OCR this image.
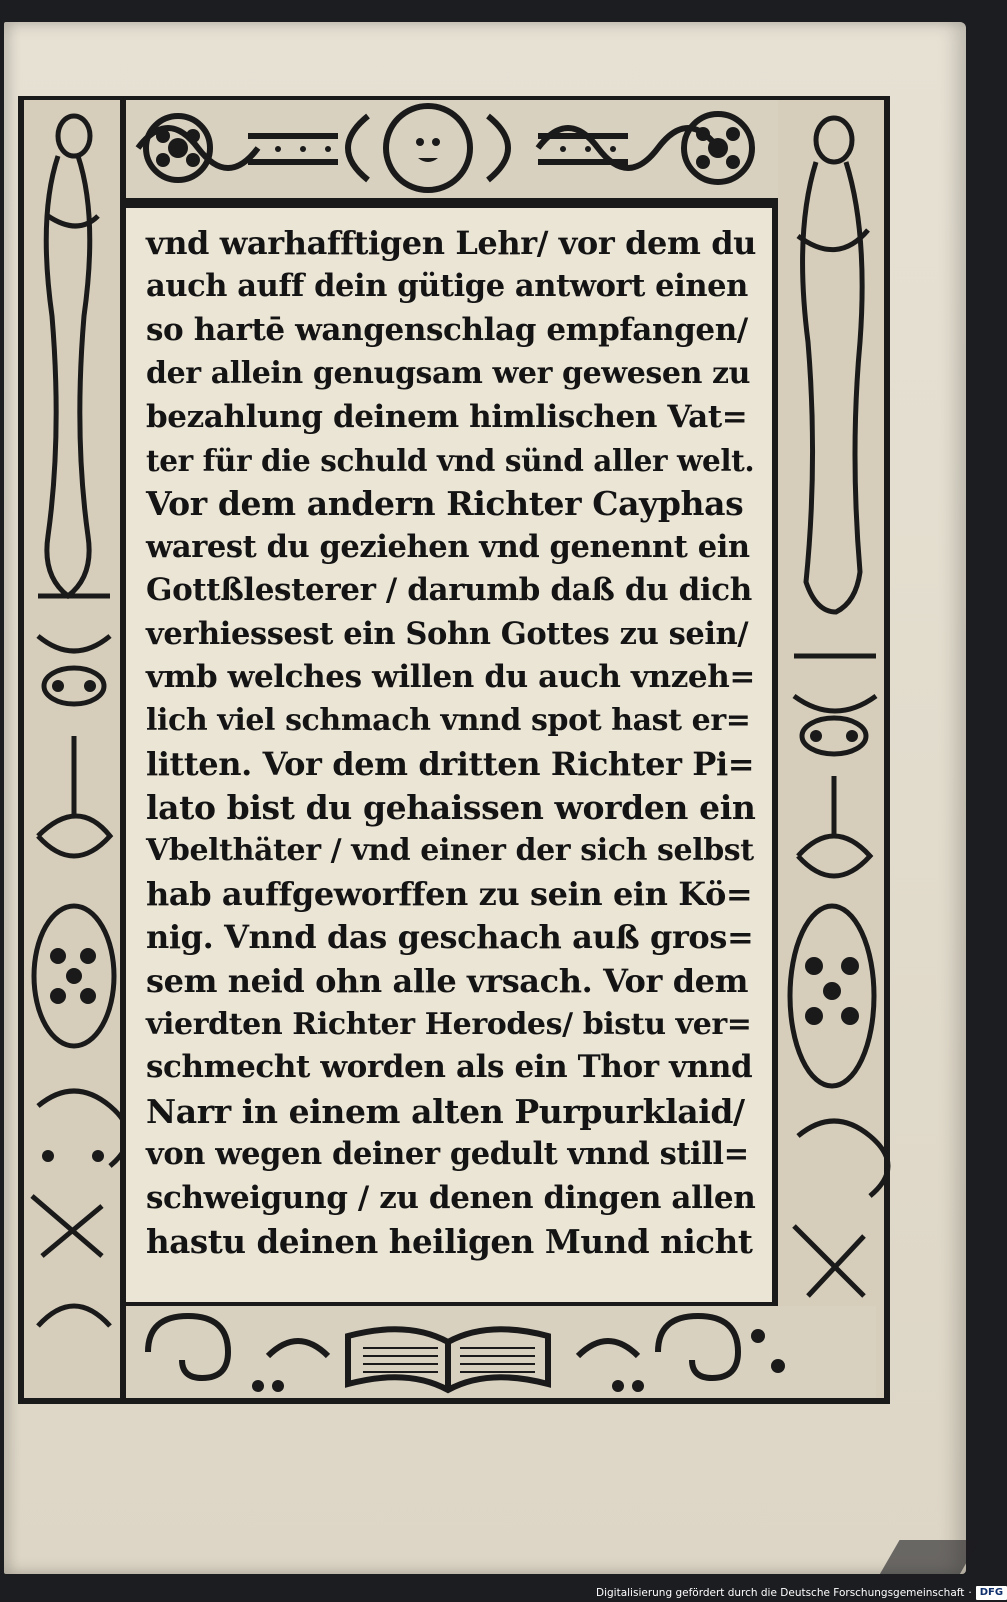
vnd warhafftigen Lehr/ vor dem du
auch auff dein gütige antwort einen
so hartē wangenschlag empfangen/
der allein genugsam wer gewesen zu
bezahlung deinem himlischen Vat=
ter für die schuld vnd sünd aller welt.
Vor dem andern Richter Cayphas
warest du geziehen vnd genennt ein
Gottßlesterer / darumb daß du dich
verhiessest ein Sohn Gottes zu sein/
vmb welches willen du auch vnzeh=
lich viel schmach vnnd spot hast er=
litten. Vor dem dritten Richter Pi=
lato bist du gehaissen worden ein
Vbelthäter / vnd einer der sich selbst
hab auffgeworffen zu sein ein Kö=
nig. Vnnd das geschach auß gros=
sem neid ohn alle vrsach. Vor dem
vierdten Richter Herodes/ bistu ver=
schmecht worden als ein Thor vnnd
Narr in einem alten Purpurklaid/
von wegen deiner gedult vnnd still=
schweigung / zu denen dingen allen
hastu deinen heiligen Mund nicht
Digitalisierung gefördert durch die Deutsche Forschungsgemeinschaft · DFG
